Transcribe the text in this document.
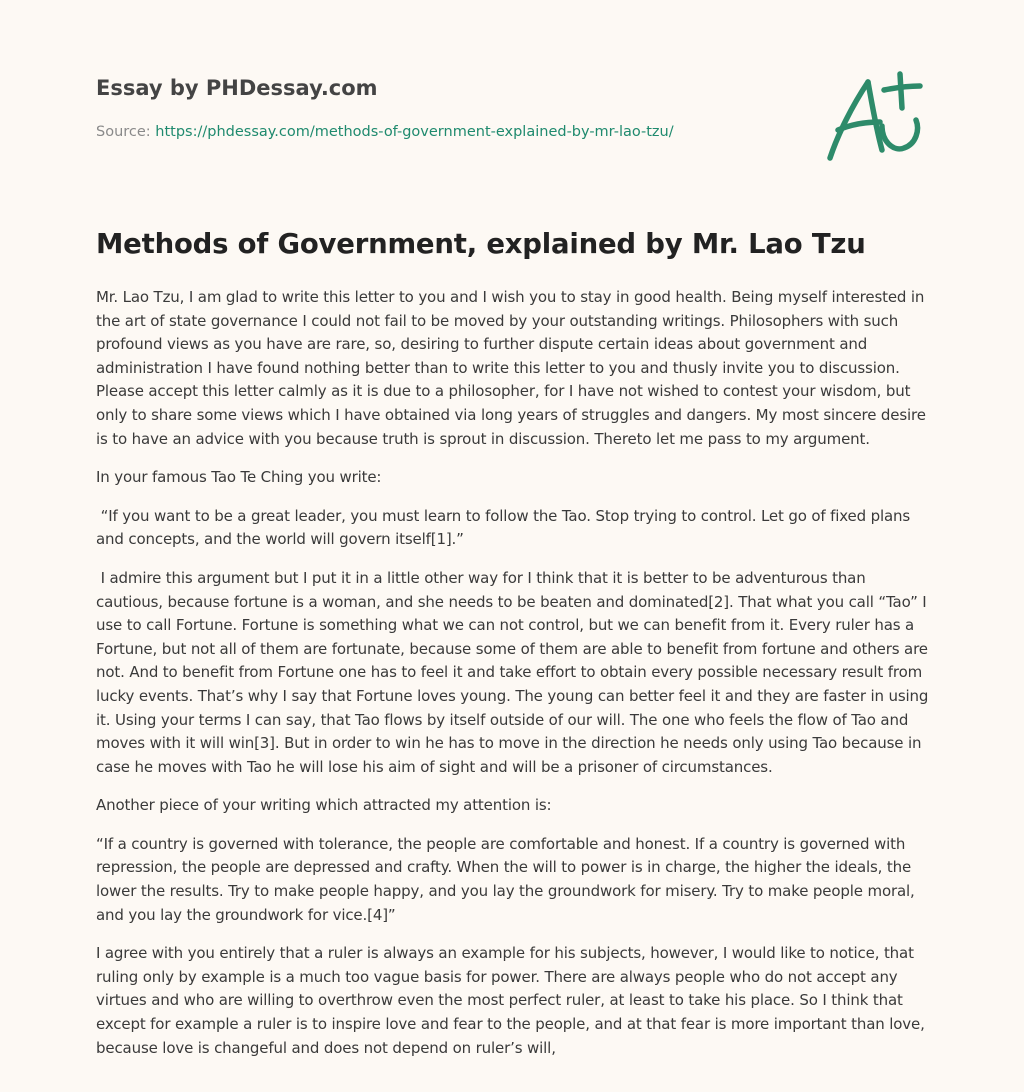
Essay by PHDessay.com
Source: https://phdessay.com/methods-of-government-explained-by-mr-lao-tzu/
Methods of Government, explained by Mr. Lao Tzu

Mr. Lao Tzu, I am glad to write this letter to you and I wish you to stay in good health. Being myself interested in the art of state governance I could not fail to be moved by your outstanding writings. Philosophers with such profound views as you have are rare, so, desiring to further dispute certain ideas about government and administration I have found nothing better than to write this letter to you and thusly invite you to discussion. Please accept this letter calmly as it is due to a philosopher, for I have not wished to contest your wisdom, but only to share some views which I have obtained via long years of struggles and dangers. My most sincere desire is to have an advice with you because truth is sprout in discussion. Thereto let me pass to my argument.

In your famous Tao Te Ching you write:

“If you want to be a great leader, you must learn to follow the Tao. Stop trying to control. Let go of fixed plans and concepts, and the world will govern itself[1].”

I admire this argument but I put it in a little other way for I think that it is better to be adventurous than cautious, because fortune is a woman, and she needs to be beaten and dominated[2]. That what you call “Tao” I use to call Fortune. Fortune is something what we can not control, but we can benefit from it. Every ruler has a Fortune, but not all of them are fortunate, because some of them are able to benefit from fortune and others are not. And to benefit from Fortune one has to feel it and take effort to obtain every possible necessary result from lucky events. That’s why I say that Fortune loves young. The young can better feel it and they are faster in using it. Using your terms I can say, that Tao flows by itself outside of our will. The one who feels the flow of Tao and moves with it will win[3]. But in order to win he has to move in the direction he needs only using Tao because in case he moves with Tao he will lose his aim of sight and will be a prisoner of circumstances.

Another piece of your writing which attracted my attention is:

“If a country is governed with tolerance, the people are comfortable and honest. If a country is governed with repression, the people are depressed and crafty. When the will to power is in charge, the higher the ideals, the lower the results. Try to make people happy, and you lay the groundwork for misery. Try to make people moral, and you lay the groundwork for vice.[4]”

I agree with you entirely that a ruler is always an example for his subjects, however, I would like to notice, that ruling only by example is a much too vague basis for power. There are always people who do not accept any virtues and who are willing to overthrow even the most perfect ruler, at least to take his place. So I think that except for example a ruler is to inspire love and fear to the people, and at that fear is more important than love, because love is changeful and does not depend on ruler’s will,
